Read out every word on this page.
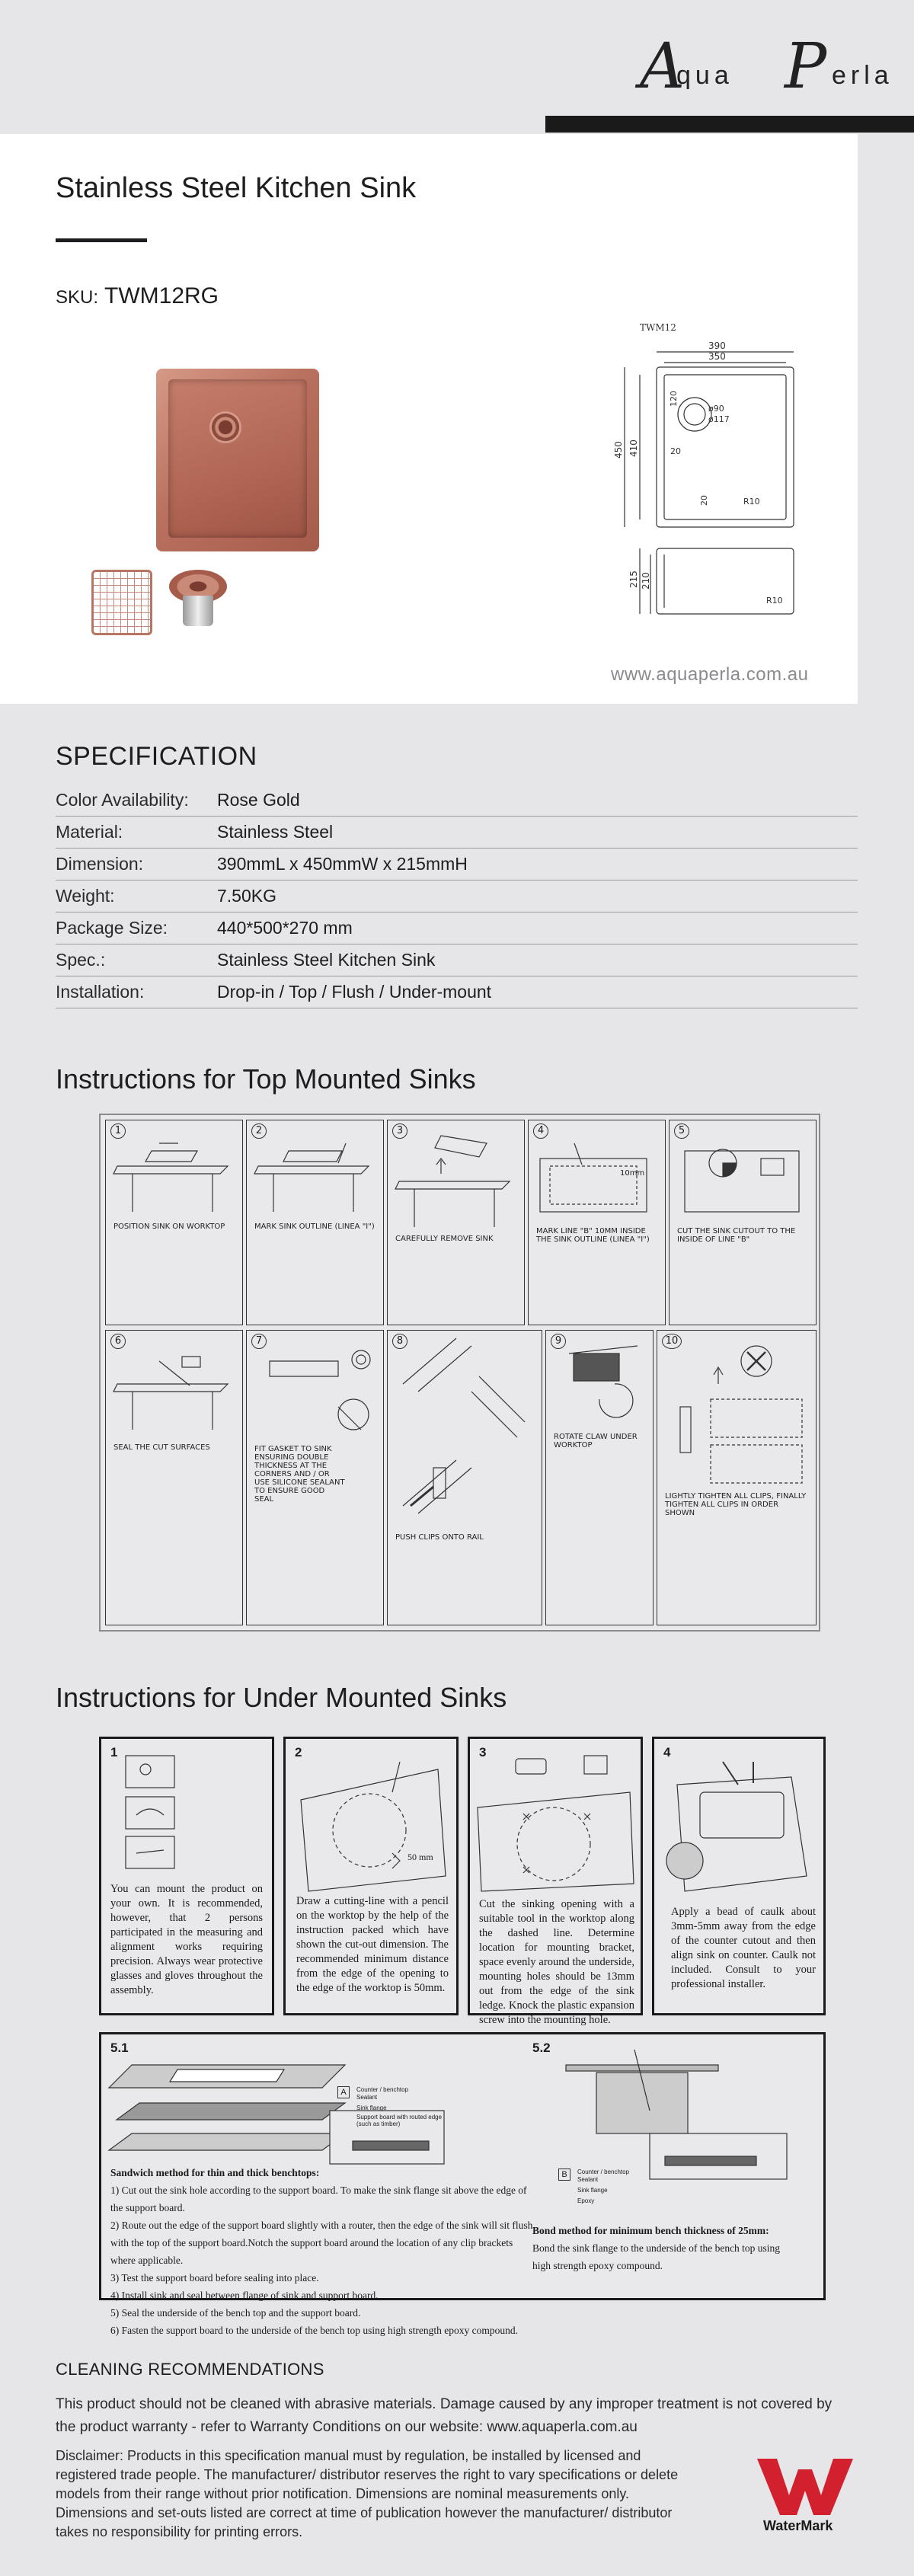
A
qua P erla
Stainless Steel Kitchen Sink
SKU: TWM12RG
TWM12
390
350
120
ø90
ø117
450 410	20
20	R10
215 210
R10
www.aquaperla.com.au
SPECIFICATION
Color Availability:	Rose Gold
Material:	Stainless Steel
Dimension:	390mmL x 450mmW x 215mmH
Weight:	7.50KG
Package Size:	440*500*270 mm
Spec.:	Stainless Steel Kitchen Sink
Installation:	Drop-in / Top / Flush / Under-mount
Instructions for Top Mounted Sinks
1
POSITION SINK ON WORKTOP
2
MARK SINK OUTLINE (LINEA "I")
3
CAREFULLY REMOVE SINK
4
10mm
MARK LINE "B" 10MM INSIDE THE SINK OUTLINE (LINEA "I")
5
CUT THE SINK CUTOUT TO THE INSIDE OF LINE "B"
6
SEAL THE CUT SURFACES
7
FIT GASKET TO SINK ENSURING DOUBLE THICKNESS AT THE CORNERS AND / OR USE SILICONE SEALANT TO ENSURE GOOD SEAL
8
PUSH CLIPS ONTO RAIL
9
ROTATE CLAW UNDER WORKTOP
10
LIGHTLY TIGHTEN ALL CLIPS, FINALLY TIGHTEN ALL CLIPS IN ORDER SHOWN
Instructions for Under Mounted Sinks
1
You can mount the product on your own. It is recommended, however, that 2 persons participated in the measuring and alignment works requiring precision. Always wear protective glasses and gloves throughout the assembly.
2
50 mm
Draw a cutting-line with a pencil on the worktop by the help of the instruction packed which have shown the cut-out dimension. The recommended minimum distance from the edge of the opening to the edge of the worktop is 50mm.
3
Cut the sinking opening with a suitable tool in the worktop along the dashed line. Determine location for mounting bracket, space evenly around the underside, mounting holes should be 13mm out from the edge of the sink ledge. Knock the plastic expansion screw into the mounting hole.
4
Apply a bead of caulk about 3mm-5mm away from the edge of the counter cutout and then align sink on counter. Caulk not included. Consult to your professional installer.
5.1	5.2
A
B
Counter / benchtop
Sealant
Sink flange
Support board with routed edge (such as timber)
Counter / benchtop
Sealant
Sink flange
Epoxy
Sandwich method for thin and thick benchtops:
1) Cut out the sink hole according to the support board. To make the sink flange sit above the edge of the support board.
2) Route out the edge of the support board slightly with a router, then the edge of the sink will sit flush with the top of the support board.Notch the support board around the location of any clip brackets where applicable.
3) Test the support board before sealing into place.
4) Install sink and seal between flange of sink and support board.
5) Seal the underside of the bench top and the support board.
6) Fasten the support board to the underside of the bench top using high strength epoxy compound.
Bond method for minimum bench thickness of 25mm:
Bond the sink flange to the underside of the bench top using high strength epoxy compound.
CLEANING RECOMMENDATIONS

This product should not be cleaned with abrasive materials. Damage caused by any improper treatment is not covered by the product warranty - refer to Warranty Conditions on our website: www.aquaperla.com.au

Disclaimer: Products in this specification manual must by regulation, be installed by licensed and registered trade people. The manufacturer/ distributor reserves the right to vary specifications or delete models from their range without prior notification. Dimensions are nominal measurements only. Dimensions and set-outs listed are correct at time of publication however the manufacturer/ distributor takes no responsibility for printing errors.	WaterMark
